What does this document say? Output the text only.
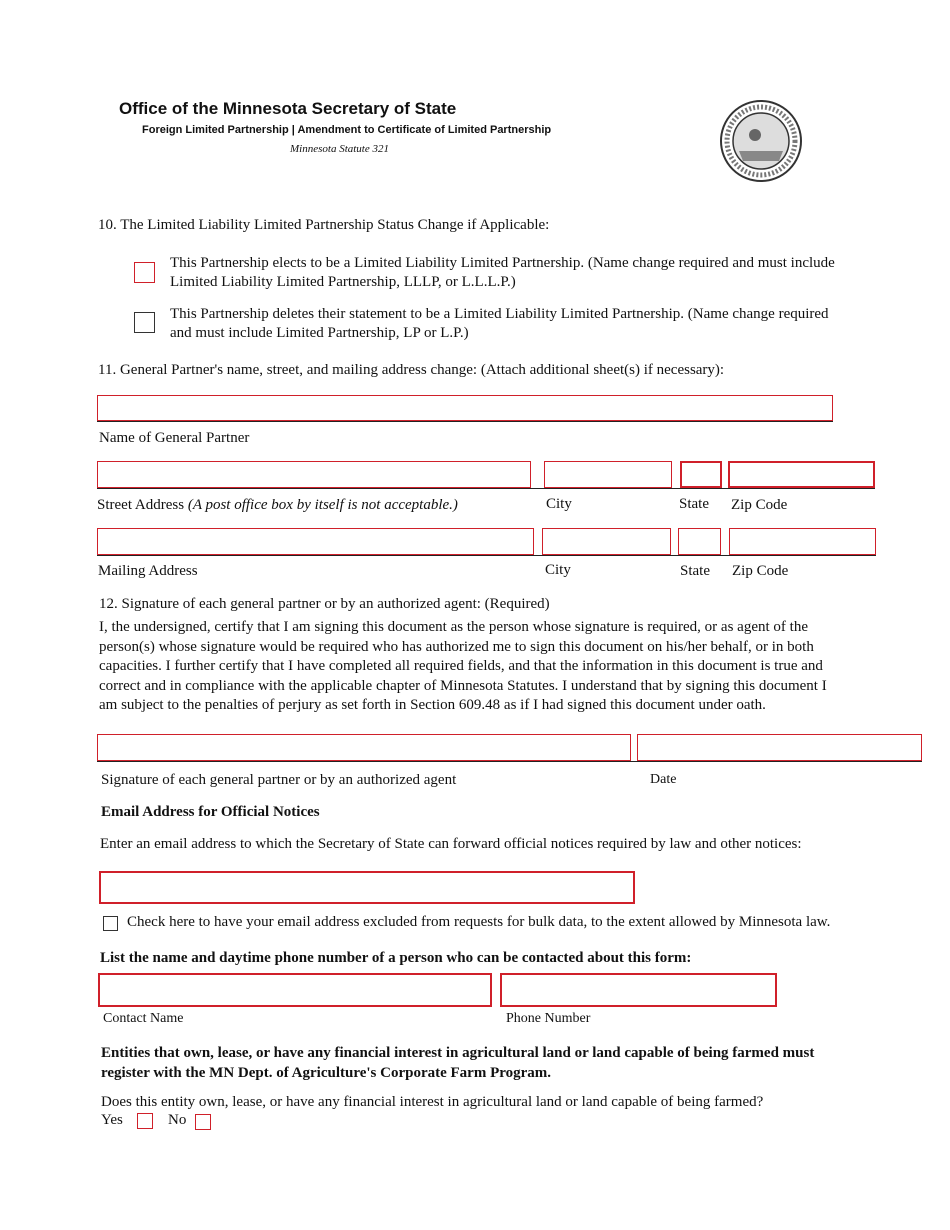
Office of the Minnesota Secretary of State
Foreign Limited Partnership | Amendment to Certificate of Limited Partnership
Minnesota Statute 321
10. The Limited Liability Limited Partnership Status Change if Applicable:
This Partnership elects to be a Limited Liability Limited Partnership. (Name change required and must include
Limited Liability Limited Partnership, LLLP, or L.L.L.P.)
This Partnership deletes their statement to be a Limited Liability Limited Partnership. (Name change required
and must include Limited Partnership, LP or L.P.)
11. General Partner's name, street, and mailing address change: (Attach additional sheet(s) if necessary):
Name of General Partner
Street Address (A post office box by itself is not acceptable.)	City	State Zip Code
Mailing Address	City	State Zip Code
12. Signature of each general partner or by an authorized agent: (Required)
I, the undersigned, certify that I am signing this document as the person whose signature is required, or as agent of the
person(s) whose signature would be required who has authorized me to sign this document on his/her behalf, or in both
capacities. I further certify that I have completed all required fields, and that the information in this document is true and
correct and in compliance with the applicable chapter of Minnesota Statutes. I understand that by signing this document I
am subject to the penalties of perjury as set forth in Section 609.48 as if I had signed this document under oath.
Signature of each general partner or by an authorized agent	Date
Email Address for Official Notices
Enter an email address to which the Secretary of State can forward official notices required by law and other notices:
Check here to have your email address excluded from requests for bulk data, to the extent allowed by Minnesota law.
List the name and daytime phone number of a person who can be contacted about this form:
Contact Name	Phone Number
Entities that own, lease, or have any financial interest in agricultural land or land capable of being farmed must
register with the MN Dept. of Agriculture's Corporate Farm Program.
Does this entity own, lease, or have any financial interest in agricultural land or land capable of being farmed?
Yes	No
